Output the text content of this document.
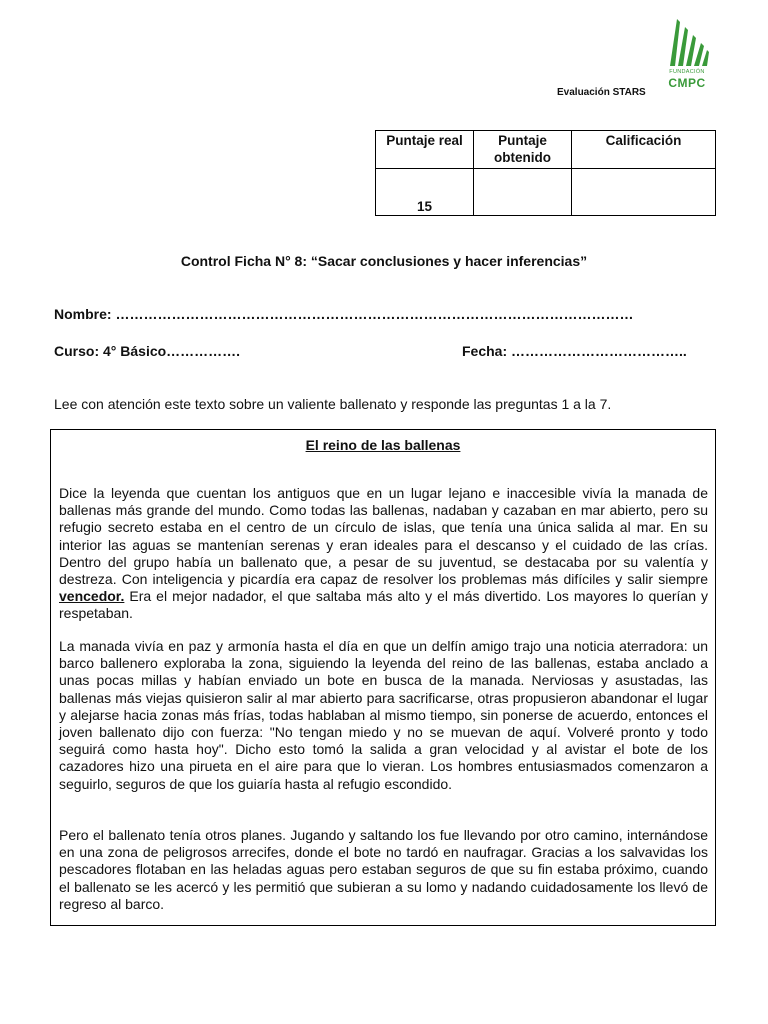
FUNDACIÓN
CMPC
Evaluación STARS
Puntaje real	Puntaje obtenido	Calificación
15		
Control Ficha N° 8: “Sacar conclusiones y hacer inferencias”
Nombre: …………………………………………………………………………………………………
Curso: 4° Básico…………….	Fecha: ………………………………..
Lee con atención este texto sobre un valiente ballenato y responde las preguntas 1 a la 7.
El reino de las ballenas
Dice la leyenda que cuentan los antiguos que en un lugar lejano e inaccesible vivía la manada de ballenas más grande del mundo. Como todas las ballenas, nadaban y cazaban en mar abierto, pero su refugio secreto estaba en el centro de un círculo de islas, que tenía una única salida al mar. En su interior las aguas se mantenían serenas y eran ideales para el descanso y el cuidado de las crías. Dentro del grupo había un ballenato que, a pesar de su juventud, se destacaba por su valentía y destreza. Con inteligencia y picardía era capaz de resolver los problemas más difíciles y salir siempre vencedor. Era el mejor nadador, el que saltaba más alto y el más divertido. Los mayores lo querían y respetaban.
La manada vivía en paz y armonía hasta el día en que un delfín amigo trajo una noticia aterradora: un barco ballenero exploraba la zona, siguiendo la leyenda del reino de las ballenas, estaba anclado a unas pocas millas y habían enviado un bote en busca de la manada. Nerviosas y asustadas, las ballenas más viejas quisieron salir al mar abierto para sacrificarse, otras propusieron abandonar el lugar y alejarse hacia zonas más frías, todas hablaban al mismo tiempo, sin ponerse de acuerdo, entonces el joven ballenato dijo con fuerza: "No tengan miedo y no se muevan de aquí. Volveré pronto y todo seguirá como hasta hoy". Dicho esto tomó la salida a gran velocidad y al avistar el bote de los cazadores hizo una pirueta en el aire para que lo vieran. Los hombres entusiasmados comenzaron a seguirlo, seguros de que los guiaría hasta al refugio escondido.
Pero el ballenato tenía otros planes. Jugando y saltando los fue llevando por otro camino, internándose en una zona de peligrosos arrecifes, donde el bote no tardó en naufragar. Gracias a los salvavidas los pescadores flotaban en las heladas aguas pero estaban seguros de que su fin estaba próximo, cuando el ballenato se les acercó y les permitió que subieran a su lomo y nadando cuidadosamente los llevó de regreso al barco.
